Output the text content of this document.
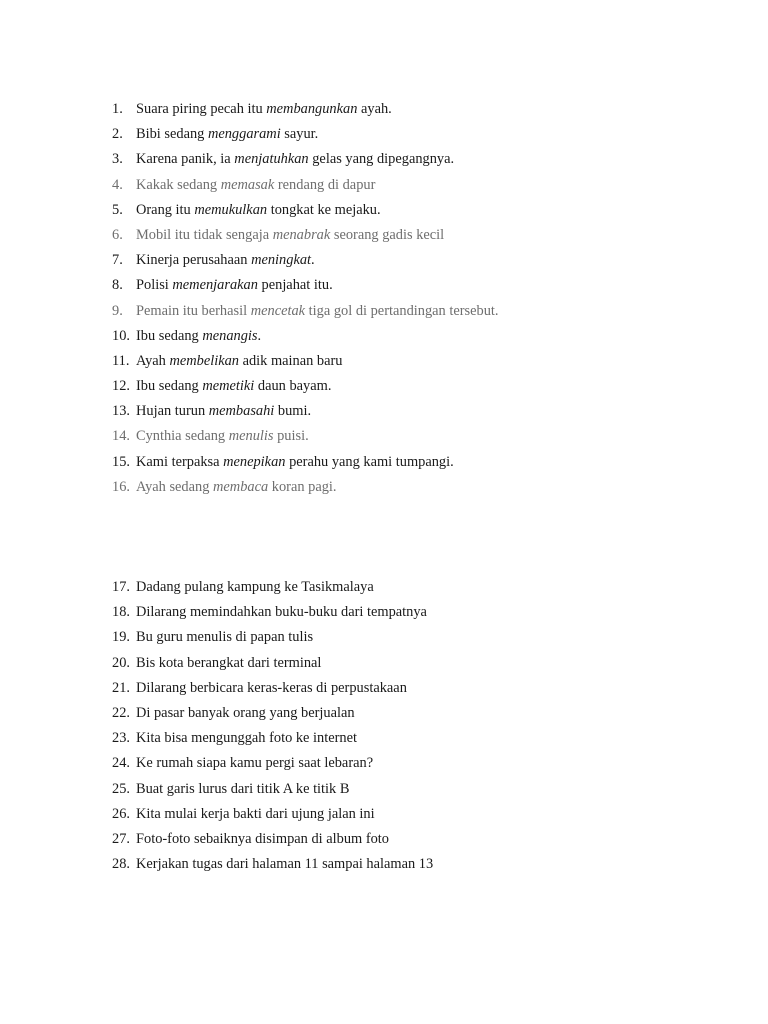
1. Suara piring pecah itu membangunkan ayah.
2. Bibi sedang menggarami sayur.
3. Karena panik, ia menjatuhkan gelas yang dipegangnya.
4. Kakak sedang memasak rendang di dapur
5. Orang itu memukulkan tongkat ke mejaku.
6. Mobil itu tidak sengaja menabrak seorang gadis kecil
7. Kinerja perusahaan meningkat.
8. Polisi memenjarakan penjahat itu.
9. Pemain itu berhasil mencetak tiga gol di pertandingan tersebut.
10. Ibu sedang menangis.
11. Ayah membelikan adik mainan baru
12. Ibu sedang memetiki daun bayam.
13. Hujan turun membasahi bumi.
14. Cynthia sedang menulis puisi.
15. Kami terpaksa menepikan perahu yang kami tumpangi.
16. Ayah sedang membaca koran pagi.
17. Dadang pulang kampung ke Tasikmalaya
18. Dilarang memindahkan buku-buku dari tempatnya
19. Bu guru menulis di papan tulis
20. Bis kota berangkat dari terminal
21. Dilarang berbicara keras-keras di perpustakaan
22. Di pasar banyak orang yang berjualan
23. Kita bisa mengunggah foto ke internet
24. Ke rumah siapa kamu pergi saat lebaran?
25. Buat garis lurus dari titik A ke titik B
26. Kita mulai kerja bakti dari ujung jalan ini
27. Foto-foto sebaiknya disimpan di album foto
28. Kerjakan tugas dari halaman 11 sampai halaman 13
